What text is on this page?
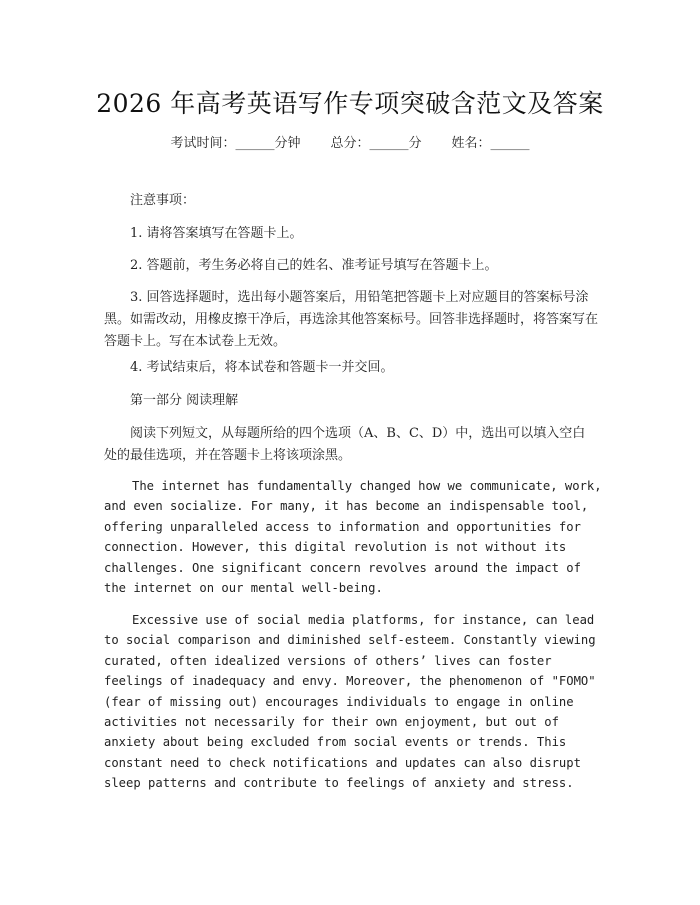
2026 年高考英语写作专项突破含范文及答案
考试时间：______分钟 总分：______分 姓名：______

注意事项：

1. 请将答案填写在答题卡上。

2. 答题前，考生务必将自己的姓名、准考证号填写在答题卡上。

3. 回答选择题时，选出每小题答案后，用铅笔把答题卡上对应题目的答案标号涂黑。如需改动，用橡皮擦干净后，再选涂其他答案标号。回答非选择题时，将答案写在答题卡上。写在本试卷上无效。

4. 考试结束后，将本试卷和答题卡一并交回。

第一部分 阅读理解

阅读下列短文，从每题所给的四个选项（A、B、C、D）中，选出可以填入空白处的最佳选项，并在答题卡上将该项涂黑。

The internet has fundamentally changed how we communicate, work, and even socialize. For many, it has become an indispensable tool, offering unparalleled access to information and opportunities for connection. However, this digital revolution is not without its challenges. One significant concern revolves around the impact of the internet on our mental well-being.

Excessive use of social media platforms, for instance, can lead to social comparison and diminished self-esteem. Constantly viewing curated, often idealized versions of others’ lives can foster feelings of inadequacy and envy. Moreover, the phenomenon of "FOMO" (fear of missing out) encourages individuals to engage in online activities not necessarily for their own enjoyment, but out of anxiety about being excluded from social events or trends. This constant need to check notifications and updates can also disrupt sleep patterns and contribute to feelings of anxiety and stress.
